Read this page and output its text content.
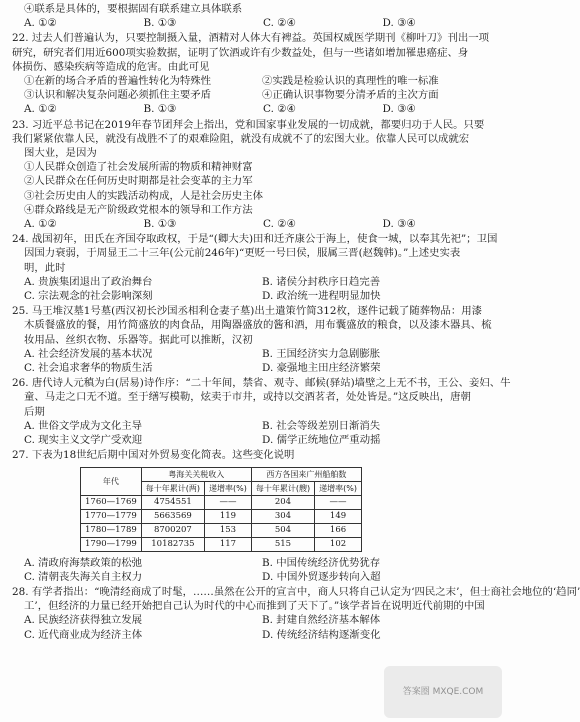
④联系是具体的，要根据固有联系建立具体联系
A. ①②	B. ①③	C. ②④	D. ③④
22. 过去人们普遍认为，只要控制摄入量，酒精对人体大有裨益。英国权威医学期刊《柳叶刀》刊出一项
研究，研究者们用近600项实验数据，证明了饮酒或许有少数益处，但与一些诸如增加罹患癌症、身
体损伤、感染疾病等造成的危害。由此可见
①在新的场合矛盾的普遍性转化为特殊性	②实践是检验认识的真理性的唯一标准
③认识和解决复杂问题必须抓住主要矛盾	④正确认识事物要分清矛盾的主次方面
A. ①②	B. ①③	C. ②④	D. ③④
23. 习近平总书记在2019年春节团拜会上指出，党和国家事业发展的一切成就，都要归功于人民。只要
我们紧紧依靠人民，就没有战胜不了的艰难险阻，就没有成就不了的宏图大业。依靠人民可以成就宏
图大业，是因为
①人民群众创造了社会发展所需的物质和精神财富
②人民群众在任何历史时期都是社会变革的主力军
③社会历史由人的实践活动构成，人是社会历史主体
④群众路线是无产阶级政党根本的领导和工作方法
A. ①②	B. ①③	C. ②④	D. ③④
24. 战国初年，田氏在齐国夺取政权，于是“(卿大夫)田和迁齐康公于海上，使食一城，以奉其先祀”；卫国
因国力衰弱，于周显王二十三年(公元前246年)“更贬一号曰侯，服属三晋(赵魏韩)。”上述史实表
明，此时
A. 贵族集团退出了政治舞台	B. 诸侯分封秩序日趋完善
C. 宗法观念的社会影响深刻	D. 政治统一进程明显加快
25. 马王堆汉墓1号墓(西汉初长沙国丞相利仓妻子墓)出土遣策竹简312枚，逐件记载了随葬物品：用漆
木质餐盛放的餐，用竹简盛放的肉食品，用陶器盛放的酱和酒，用布囊盛放的粮食，以及漆木器具、梳
妆用品、丝织衣物、乐器等。据此可以推断，汉初
A. 社会经济发展的基本状况	B. 王国经济实力急剧膨胀
C. 社会追求奢华的物质生活	D. 豪强地主田庄经济繁荣
26. 唐代诗人元稹为白(居易)诗作序：“二十年间，禁省、观寺、邮候(驿站)墙壁之上无不书，王公、妾妇、牛
童、马走之口无不道。至于缮写模勒，炫卖于市井，或持以交酒茗者，处处皆是。”这反映出，唐朝
后期
A. 世俗文学成为文化主导	B. 社会等级差别日渐消失
C. 现实主义文学广受欢迎	D. 儒学正统地位严重动摇
27. 下表为18世纪后期中国对外贸易变化简表。这些变化说明
年代	粤海关关税收入		西方各国来广州船舶数	
	每十年累计(两)	递增率(%)	每十年累计(艘)	递增率(%)
1760—1769	4754551	——	204	——
1770—1779	5663569	119	304	149
1780—1789	8700207	153	504	166
1790—1799	10182735	117	515	102
A. 清政府海禁政策的松弛	B. 中国传统经济优势犹存
C. 清朝丧失海关自主权力	D. 中国外贸逐步转向入超
28. 有学者指出：“晚清经商成了时髦，……虽然在公开的宣言中，商人只将自己认定为‘四民之末’，但士商社会地位的‘趋同’
工’，但经济的力量已经开始把自己认为时代的中心而推到了天下了。”该学者旨在说明近代前期的中国
A. 民族经济获得独立发展	B. 封建自然经济基本解体
C. 近代商业成为经济主体	D. 传统经济结构逐渐变化
答案圈 MXQE.COM
